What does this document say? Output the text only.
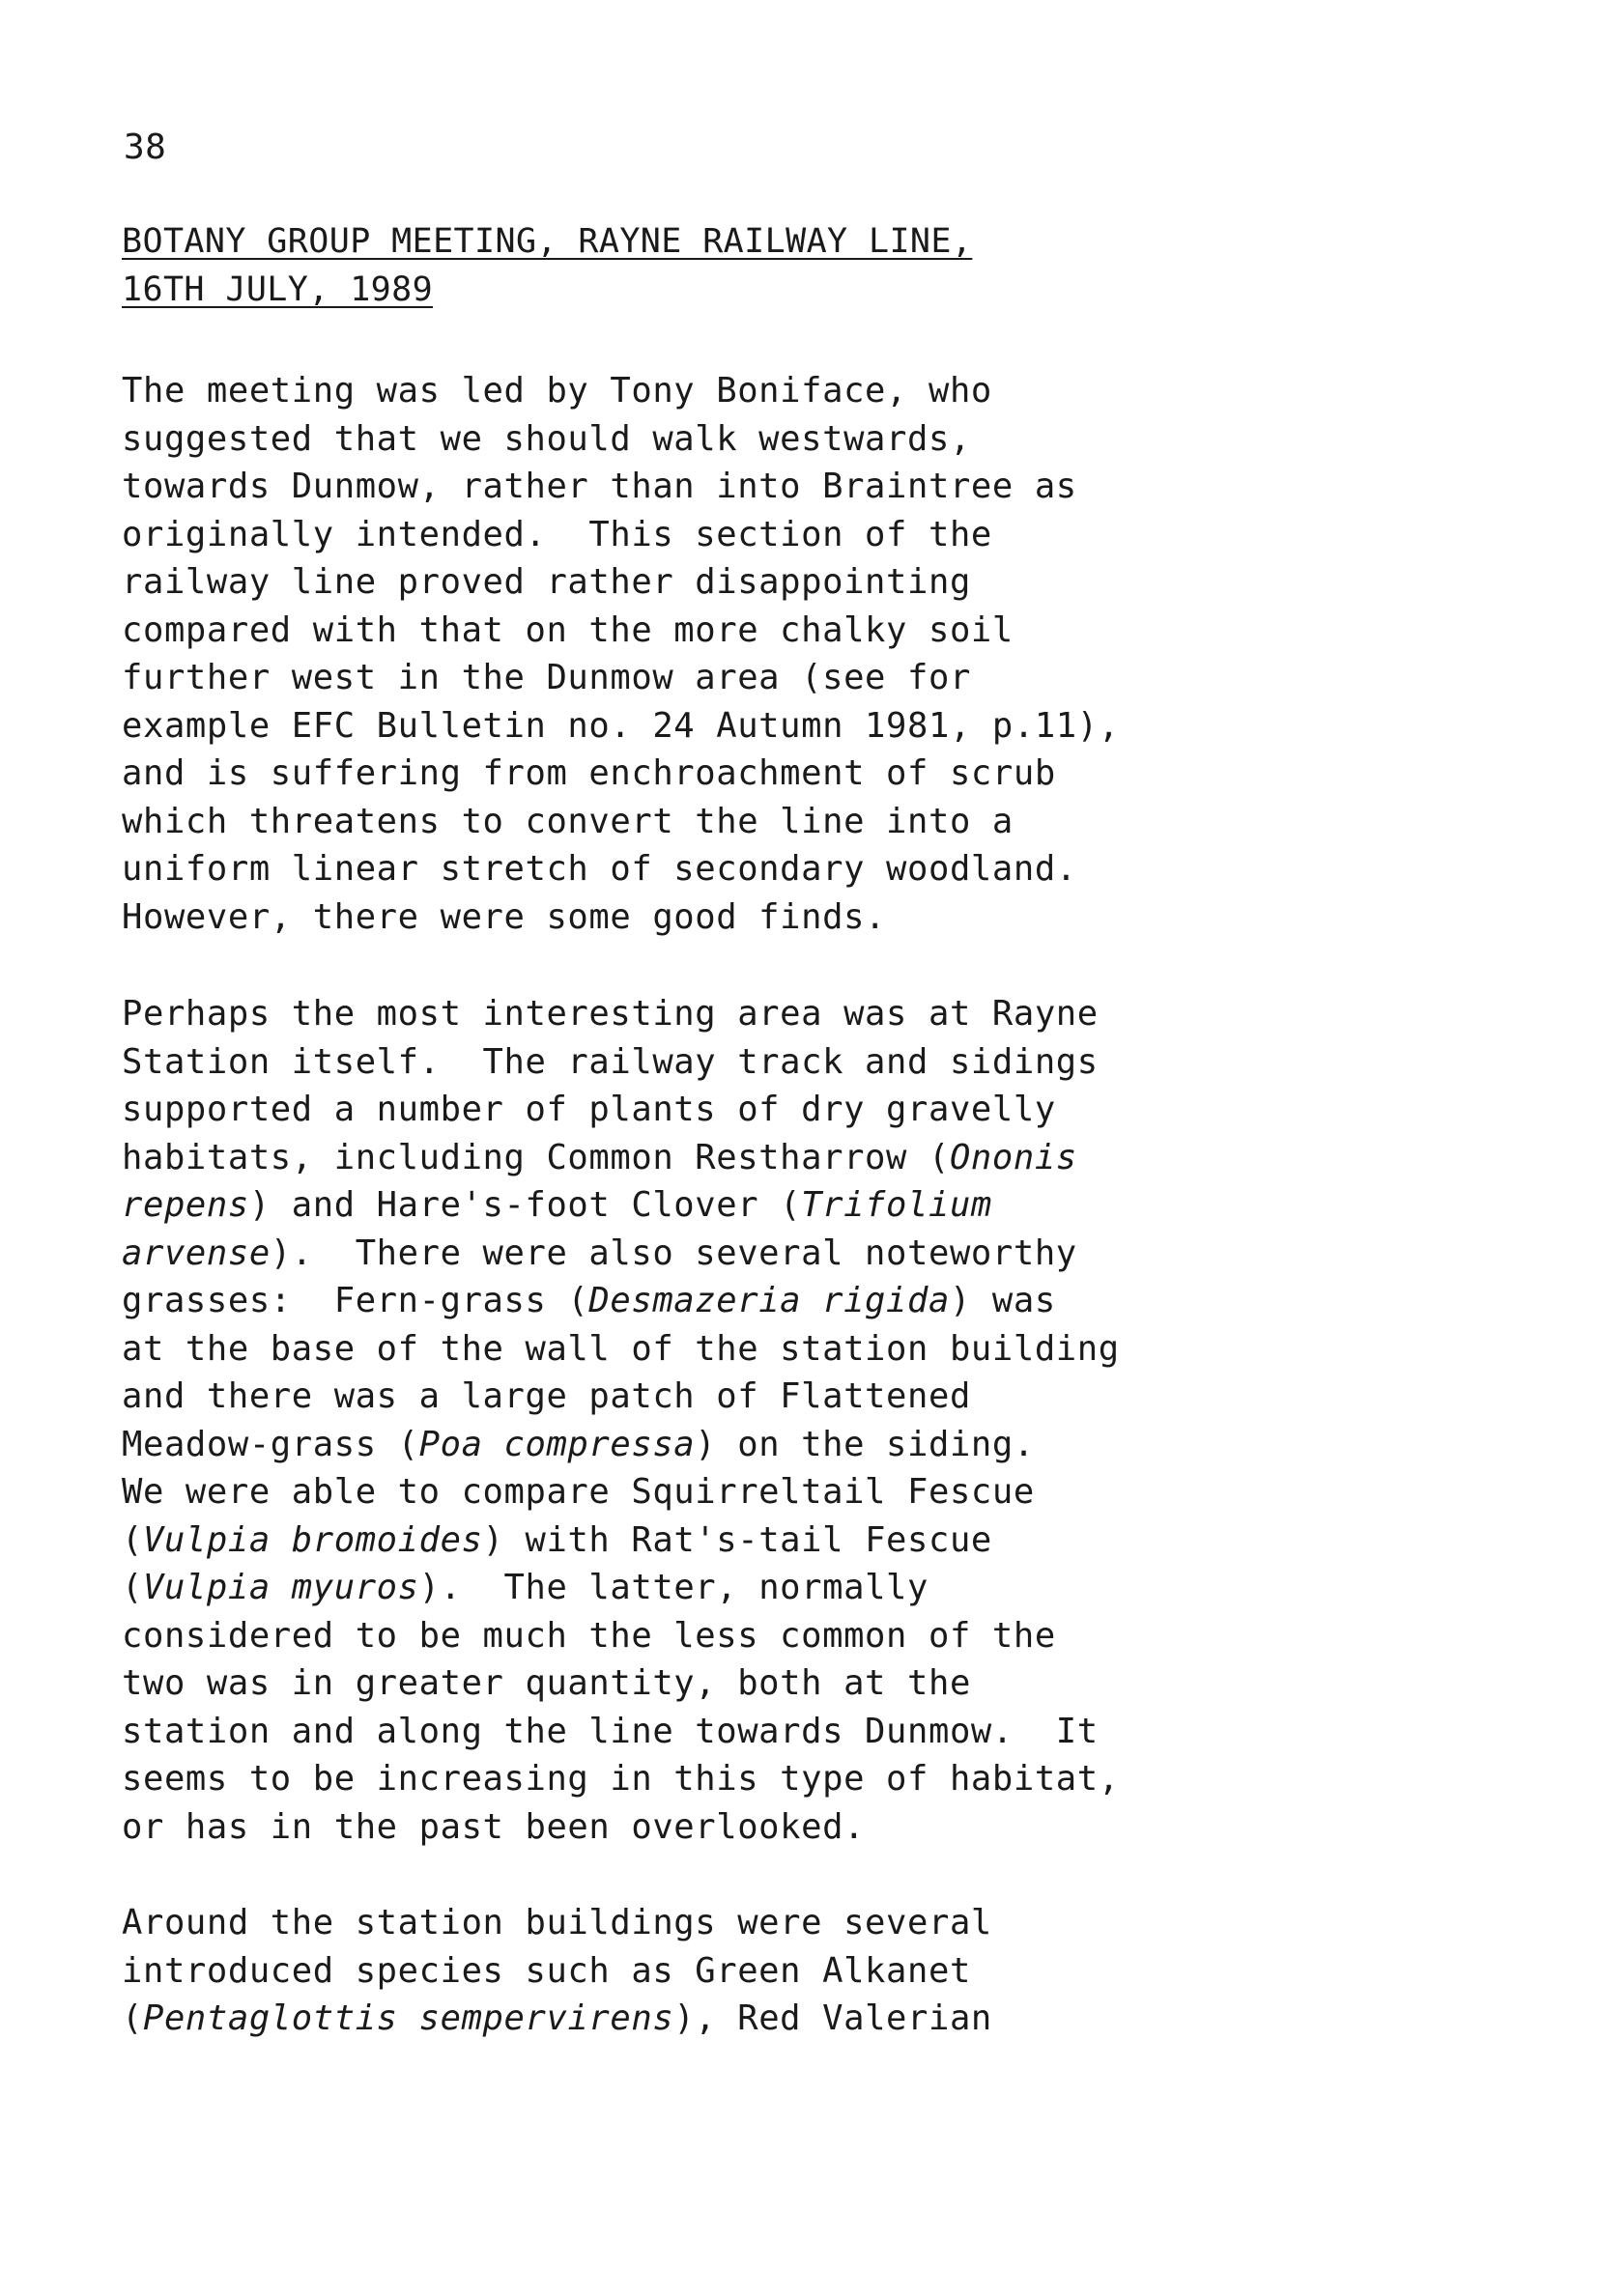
38
BOTANY GROUP MEETING, RAYNE RAILWAY LINE,
16TH JULY, 1989
The meeting was led by Tony Boniface, who
suggested that we should walk westwards,
towards Dunmow, rather than into Braintree as
originally intended.  This section of the
railway line proved rather disappointing
compared with that on the more chalky soil
further west in the Dunmow area (see for
example EFC Bulletin no. 24 Autumn 1981, p.11),
and is suffering from enchroachment of scrub
which threatens to convert the line into a
uniform linear stretch of secondary woodland.
However, there were some good finds.
Perhaps the most interesting area was at Rayne
Station itself.  The railway track and sidings
supported a number of plants of dry gravelly
habitats, including Common Restharrow (Ononis
repens) and Hare's-foot Clover (Trifolium
arvense).  There were also several noteworthy
grasses:  Fern-grass (Desmazeria rigida) was
at the base of the wall of the station building
and there was a large patch of Flattened
Meadow-grass (Poa compressa) on the siding.
We were able to compare Squirreltail Fescue
(Vulpia bromoides) with Rat's-tail Fescue
(Vulpia myuros).  The latter, normally
considered to be much the less common of the
two was in greater quantity, both at the
station and along the line towards Dunmow.  It
seems to be increasing in this type of habitat,
or has in the past been overlooked.
Around the station buildings were several
introduced species such as Green Alkanet
(Pentaglottis sempervirens), Red Valerian
